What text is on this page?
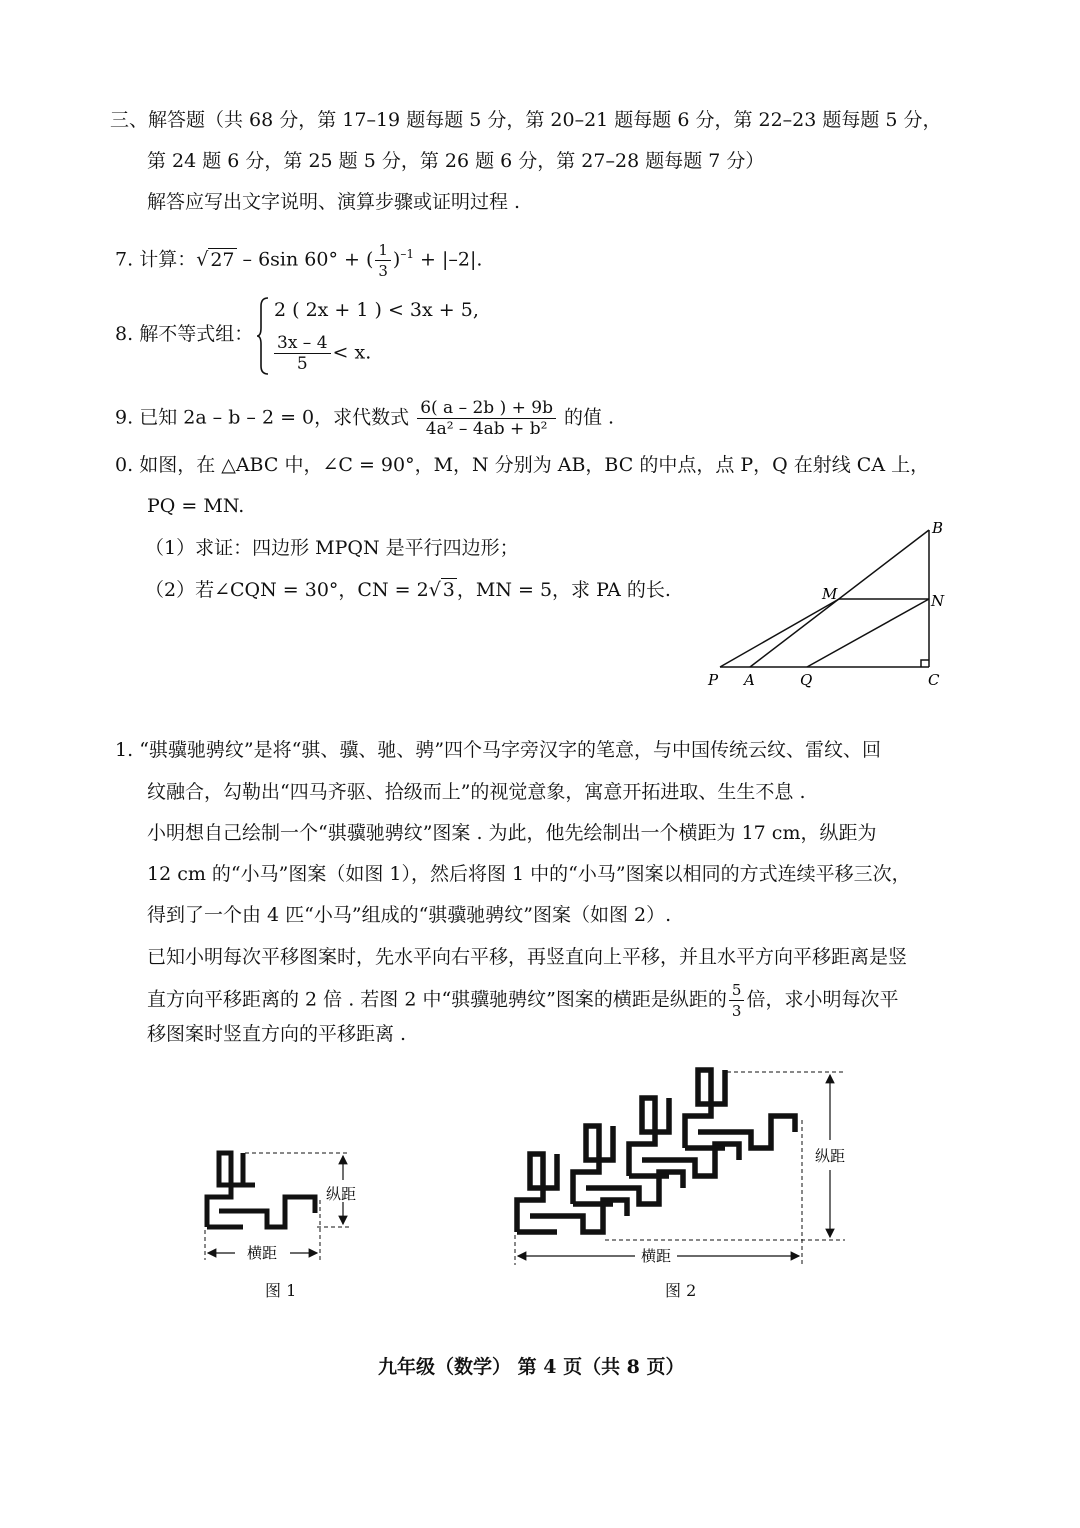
三、解答题（共 68 分，第 17–19 题每题 5 分，第 20–21 题每题 6 分，第 22–23 题每题 5 分，
第 24 题 6 分，第 25 题 5 分，第 26 题 6 分，第 27–28 题每题 7 分）
解答应写出文字说明、演算步骤或证明过程 .
7. 计算：√ 27 – 6sin 60° + ( $\frac{1}{3} )^{-1} + |-2|$.
8. 解不等式组：
2 ( 2x + 1 ) < 3x + 5,
$\frac{3x - 4}{5} < x$.
9. 已知 2a – b – 2 = 0，求代数式 $\frac{6( a - 2b ) + 9b}{\text{4a² – 4ab + b²}}$ 的值 .
0. 如图，在 △ABC 中，∠C = 90°，M，N 分别为 AB，BC 的中点，点 P，Q 在射线 CA 上，
PQ = MN.
（1）求证：四边形 MPQN 是平行四边形；
（2）若∠CQN = 30°，CN = 2√ 3 ，MN = 5，求 PA 的长.
B
M	N
P A	Q	C
1. “骐骥驰骋纹”是将“骐、骥、驰、骋”四个马字旁汉字的笔意，与中国传统云纹、雷纹、回
纹融合，勾勒出“四马齐驱、拾级而上”的视觉意象，寓意开拓进取、生生不息 .
小明想自己绘制一个“骐骥驰骋纹”图案 . 为此，他先绘制出一个横距为 17 cm，纵距为
12 cm 的“小马”图案（如图 1），然后将图 1 中的“小马”图案以相同的方式连续平移三次，
得到了一个由 4 匹“小马”组成的“骐骥驰骋纹”图案（如图 2）.
已知小明每次平移图案时，先水平向右平移，再竖直向上平移，并且水平方向平移距离是竖
直方向平移距离的 2 倍 . 若图 2 中“骐骥驰骋纹”图案的横距是纵距的 $\frac{5}{3}$ 倍，求小明每次平
移图案时竖直方向的平移距离 .
纵距
横距
图 1
纵距
横距
图 2
九年级（数学） 第 4 页（共 8 页）
